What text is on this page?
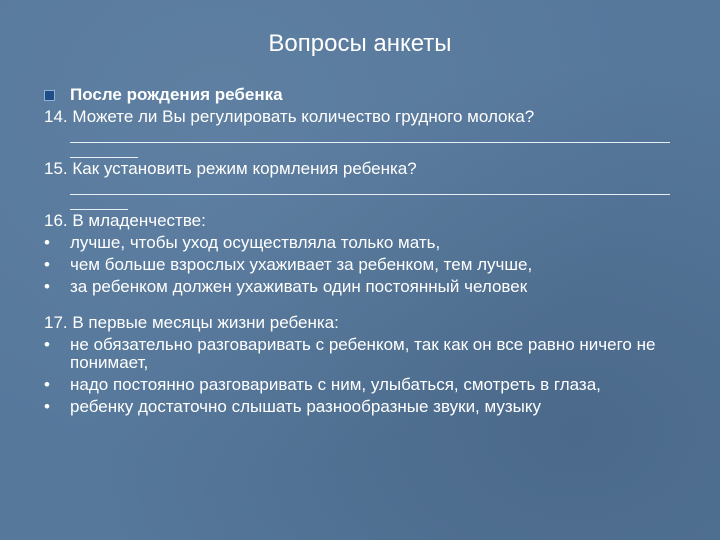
Вопросы анкеты
После рождения ребенка
14. Можете ли Вы регулировать количество грудного молока?
15. Как установить режим кормления ребенка?
16. В младенчестве:
• лучше, чтобы уход осуществляла только мать,
• чем больше взрослых ухаживает за ребенком, тем лучше,
• за ребенком должен ухаживать один постоянный человек
17. В первые месяцы жизни ребенка:
• не обязательно разговаривать с ребенком, так как он все равно ничего не понимает,
• надо постоянно разговаривать с ним, улыбаться, смотреть в глаза,
• ребенку достаточно слышать разнообразные звуки, музыку
